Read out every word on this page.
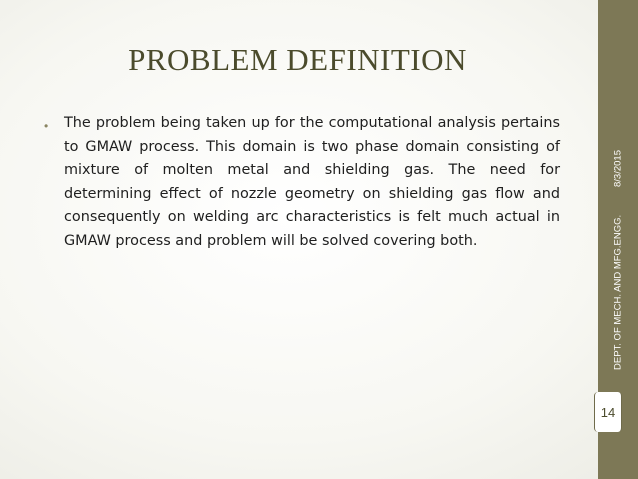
PROBLEM DEFINITION
• The problem being taken up for the computational analysis pertains to GMAW process. This domain is two phase domain consisting of mixture of molten metal and shielding gas. The need for determining effect of nozzle geometry on shielding gas flow and consequently on welding arc characteristics is felt much actual in GMAW process and problem will be solved covering both.	DEPT. OF MECH. AND MFG.ENGG.
8/3/2015
14
